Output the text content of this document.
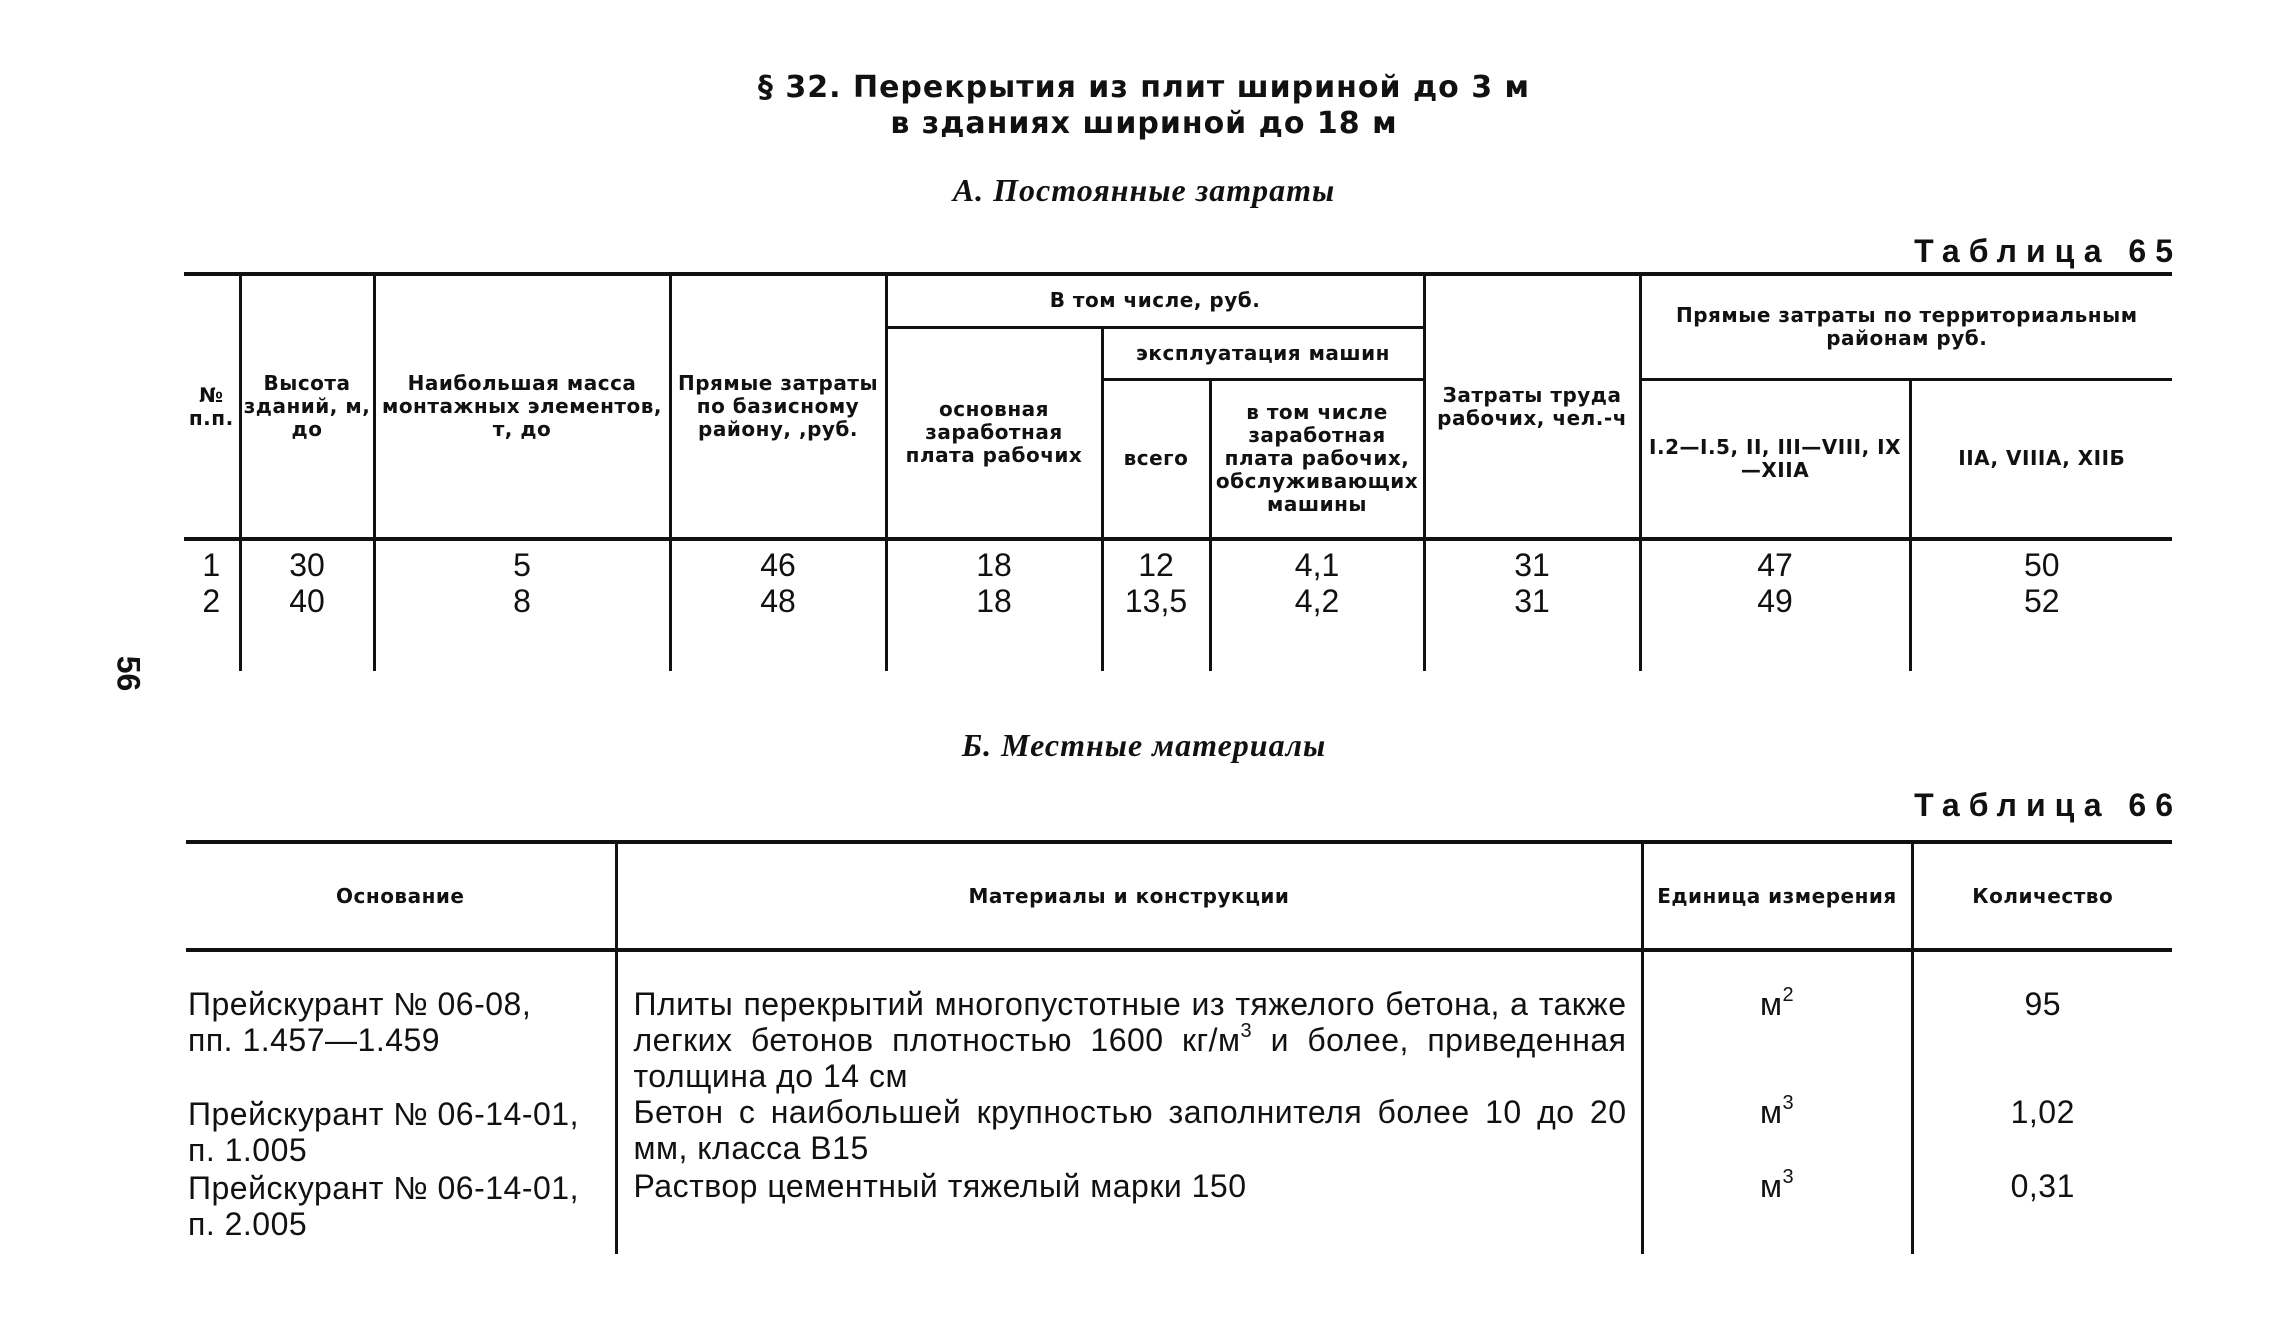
§ 32. Перекрытия из плит шириной до 3 м
в зданиях шириной до 18 м
А. Постоянные затраты
Таблица 65
56
№ п.п.	Высота зданий, м, до	Наибольшая масса монтажных элементов, т, до	Прямые затраты по базисному району, ,руб.	В том числе, руб.			Затраты труда рабочих, чел.-ч	Прямые затраты по территориальным районам руб.	
				основная заработная плата рабочих	эксплуатация машин				
					всего	в том числе заработная плата рабочих, обслуживающих машины		I.2—I.5, II, III—VIII, IX—XIIA	IIA, VIIIA, XIIБ
1	30	5	46	18	12	4,1	31	47	50
2	40	8	48	18	13,5	4,2	31	49	52

Б. Местные материалы
Таблица 66
Основание	Материалы и конструкции	Единица измерения	Количество

Прейскурант № 06-08,
пп. 1.457—1.459	Плиты перекрытий многопустотные из тяжелого бетона, а также легких бетонов плотностью 1600 $кг/м^3$ и более, приведенная толщина до 14 см	$м^2$	95

Прейскурант № 06-14-01,
п. 1.005	Бетон с наибольшей крупностью заполнителя более 10 до 20 мм, класса В15	$м^3$	1,02

Прейскурант № 06-14-01,
п. 2.005	Раствор цементный тяжелый марки 150	$м^3$	0,31
